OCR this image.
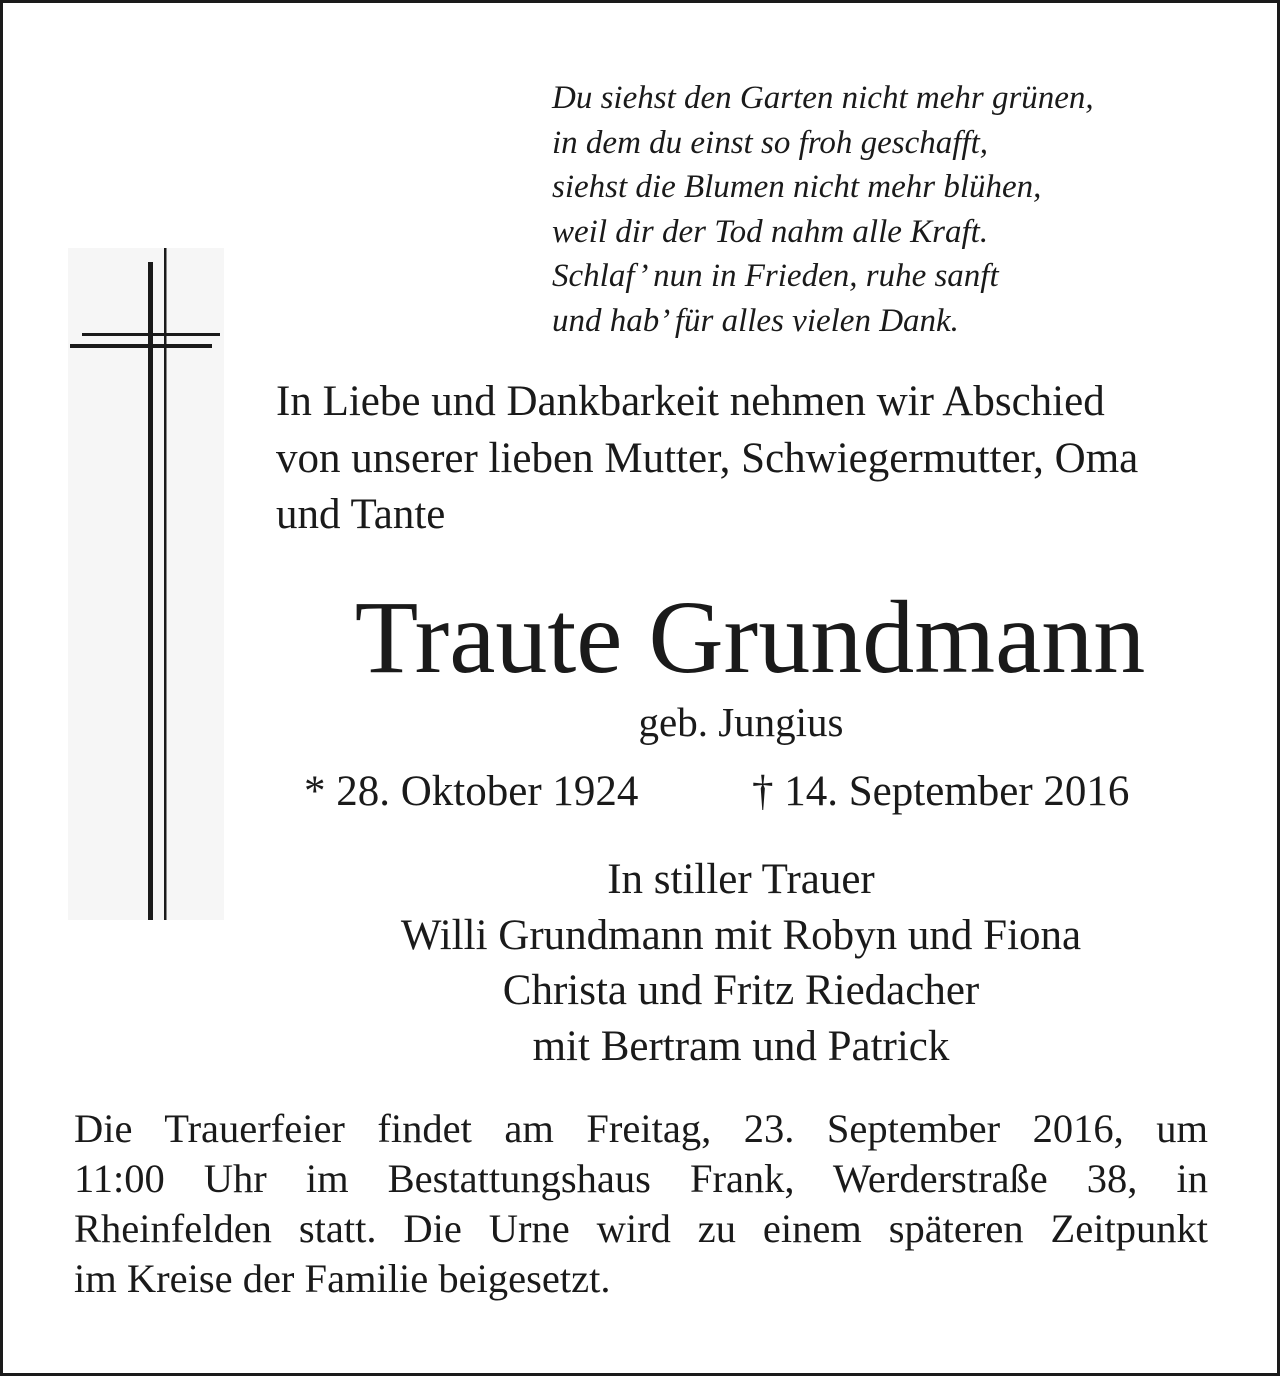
Du siehst den Garten nicht mehr grünen,
in dem du einst so froh geschafft,
siehst die Blumen nicht mehr blühen,
weil dir der Tod nahm alle Kraft.
Schlaf’ nun in Frieden, ruhe sanft
und hab’ für alles vielen Dank.
In Liebe und Dankbarkeit nehmen wir Abschied
von unserer lieben Mutter, Schwiegermutter, Oma
und Tante
Traute Grundmann
geb. Jungius
* 28. Oktober 1924	† 14. September 2016
In stiller Trauer
Willi Grundmann mit Robyn und Fiona
Christa und Fritz Riedacher
mit Bertram und Patrick
Die Trauerfeier findet am Freitag, 23. September 2016, um
11:00 Uhr im Bestattungshaus Frank, Werderstraße 38, in
Rheinfelden statt. Die Urne wird zu einem späteren Zeitpunkt
im Kreise der Familie beigesetzt.
